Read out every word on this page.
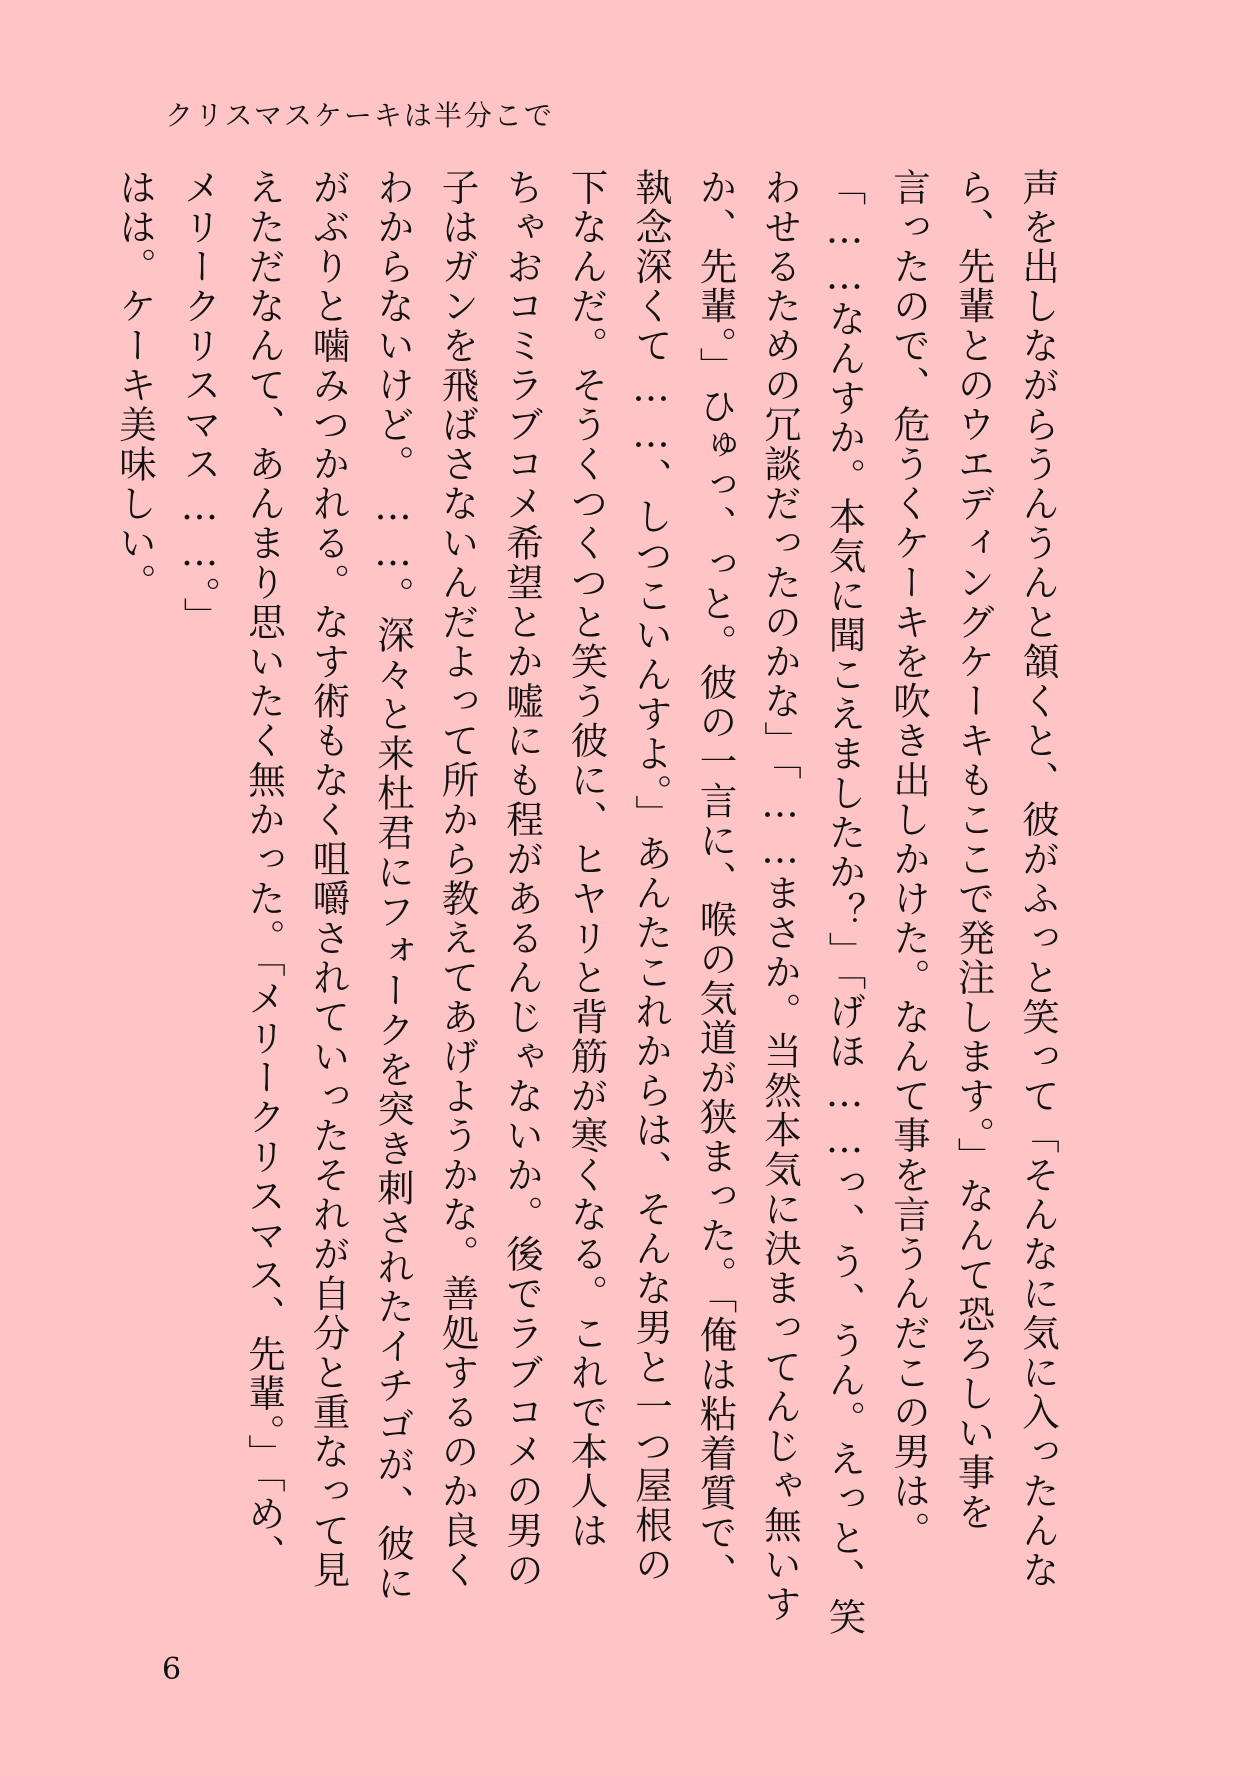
クリスマスケーキは半分こで
声を出しながらうんうんと頷くと、彼がふっと笑って「そんなに気に入ったんな
ら、先輩とのウエディングケーキもここで発注します。」なんて恐ろしい事を
言ったので、危うくケーキを吹き出しかけた。なんて事を言うんだこの男は。
「……なんすか。本気に聞こえましたか？」「げほ……っ、う、うん。えっと、笑
わせるための冗談だったのかな」「……まさか。当然本気に決まってんじゃ無いす
か、先輩。」ひゅっ、っと。彼の一言に、喉の気道が狭まった。「俺は粘着質で、
執念深くて……、しつこいんすよ。」あんたこれからは、そんな男と一つ屋根の
下なんだ。そうくつくつと笑う彼に、ヒヤリと背筋が寒くなる。これで本人は
ちゃおコミラブコメ希望とか嘘にも程があるんじゃないか。後でラブコメの男の
子はガンを飛ばさないんだよって所から教えてあげようかな。善処するのか良く
わからないけど。……。深々と来杜君にフォークを突き刺されたイチゴが、彼に
がぶりと噛みつかれる。なす術もなく咀嚼されていったそれが自分と重なって見
えただなんて、あんまり思いたく無かった。「メリークリスマス、先輩。」「め、
メリークリスマス……。」
はは。ケーキ美味しい。
6
